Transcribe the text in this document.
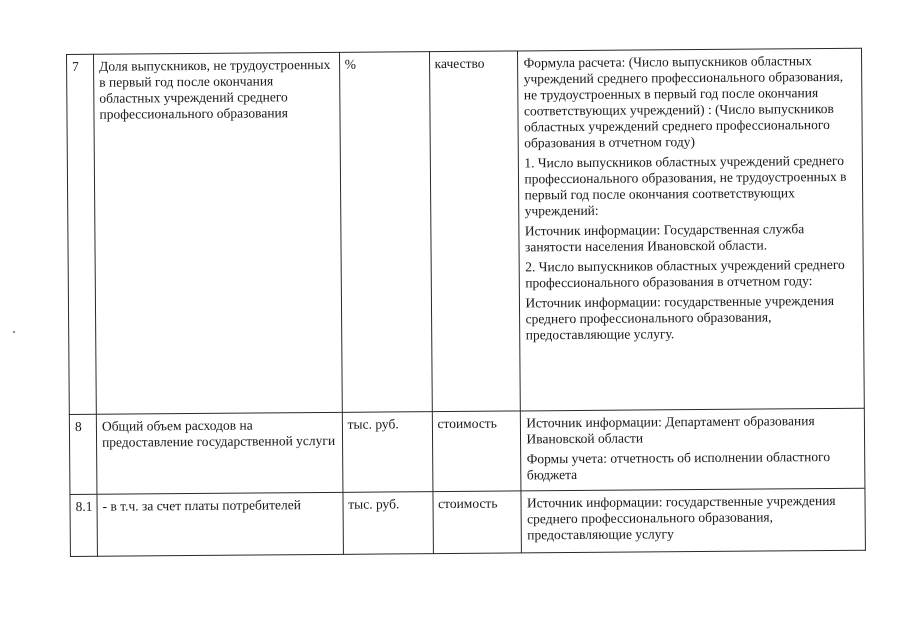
7	Доля выпускников, не трудоустроенных в первый год после окончания областных учреждений среднего профессионального образования	%	качество	Формула расчета: (Число выпускников областных учреждений среднего профессионального образования, не трудоустроенных в первый год после окончания соответствующих учреждений) : (Число выпускников областных учреждений среднего профессионального образования в отчетном году)
1. Число выпускников областных учреждений среднего профессионального образования, не трудоустроенных в первый год после окончания соответствующих учреждений:
Источник информации: Государственная служба занятости населения Ивановской области.
2. Число выпускников областных учреждений среднего профессионального образования в отчетном году:
Источник информации: государственные учреждения среднего профессионального образования, предоставляющие услугу.

8	Общий объем расходов на предоставление государственной услуги	тыс. руб.	стоимость	Источник информации: Департамент образования Ивановской области
Формы учета: отчетность об исполнении областного бюджета

8.1	- в т.ч. за счет платы потребителей	тыс. руб.	стоимость	Источник информации: государственные учреждения среднего профессионального образования, предоставляющие услугу
